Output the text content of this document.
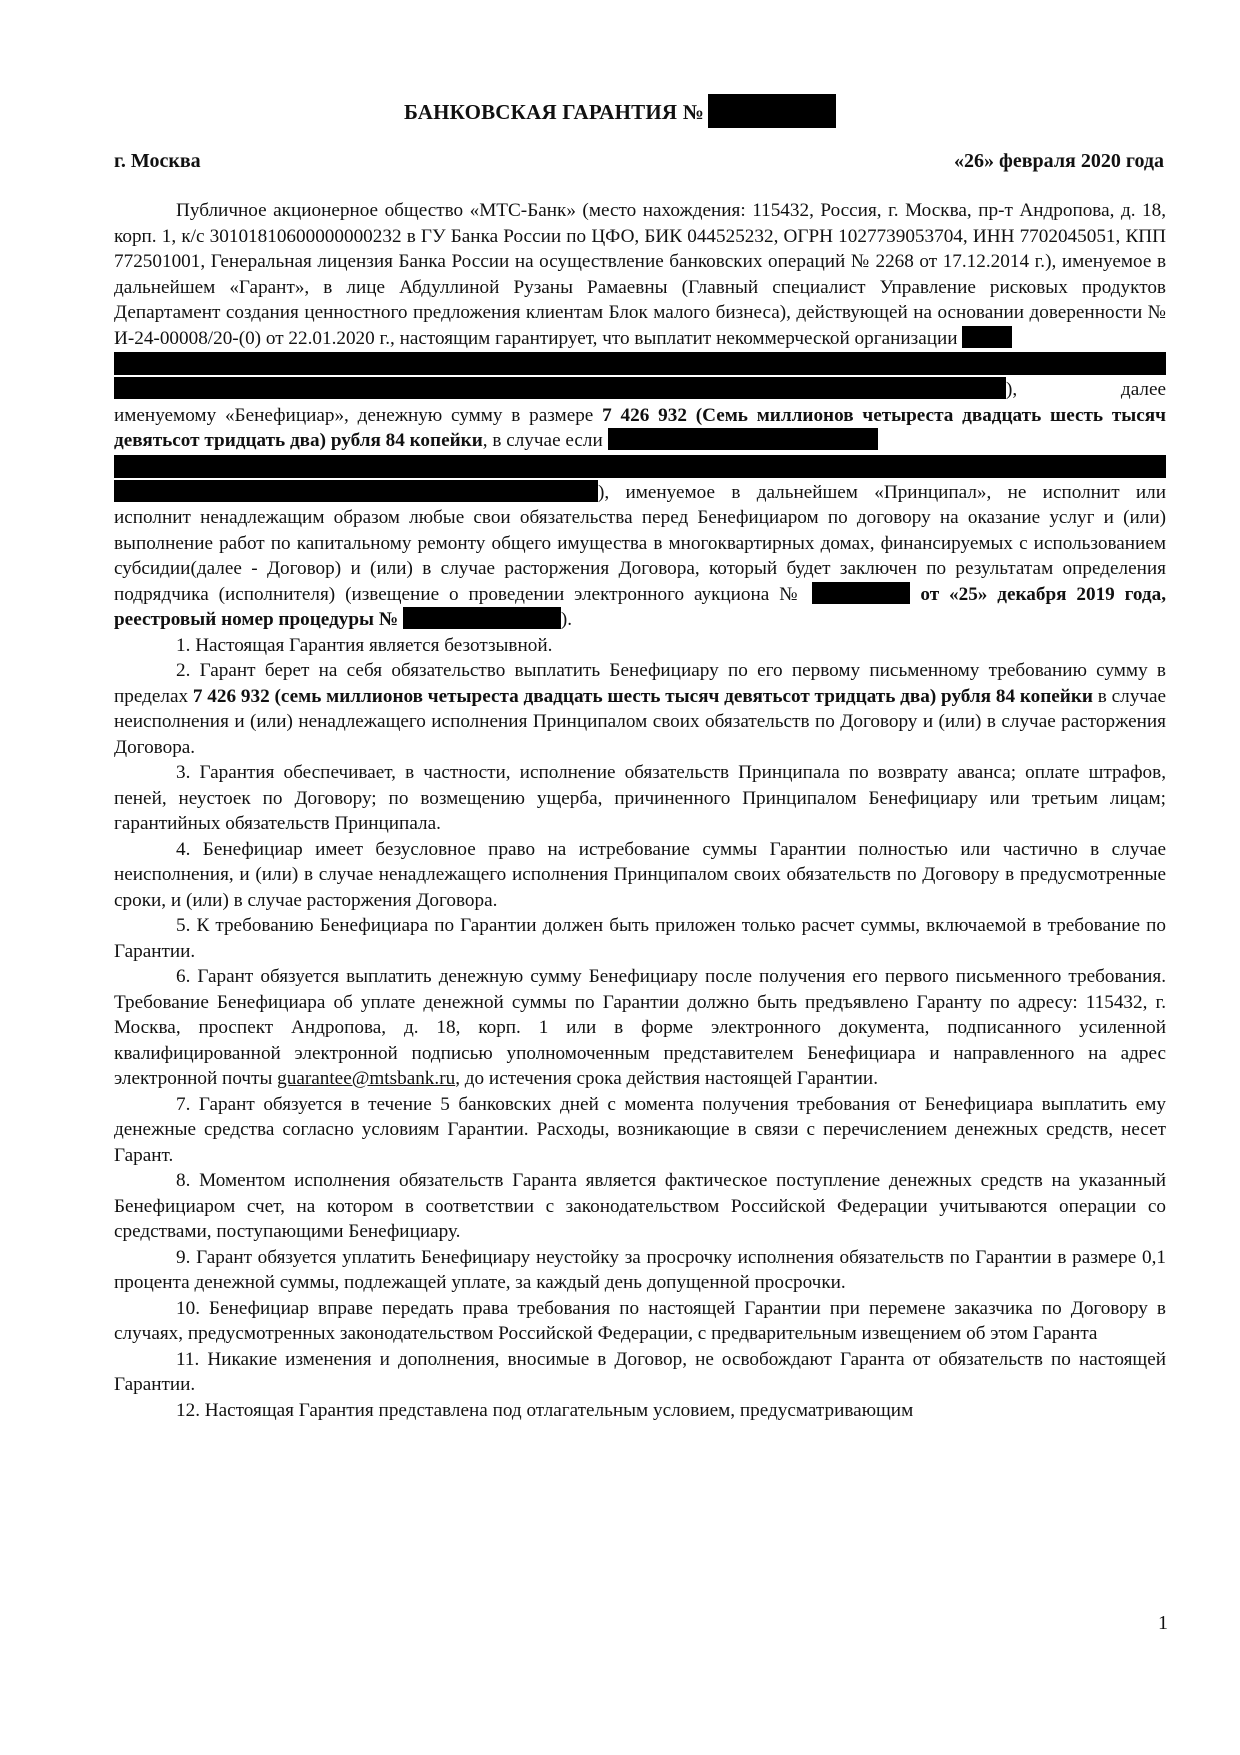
БАНКОВСКАЯ ГАРАНТИЯ №
г. Москва	«26» февраля 2020 года

Публичное акционерное общество «МТС-Банк» (место нахождения: 115432, Россия, г. Москва, пр-т Андропова, д. 18, корп. 1, к/с 30101810600000000232 в ГУ Банка России по ЦФО, БИК 044525232, ОГРН 1027739053704, ИНН 7702045051, КПП 772501001, Генеральная лицензия Банка России на осуществление банковских операций № 2268 от 17.12.2014 г.), именуемое в дальнейшем «Гарант», в лице Абдуллиной Рузаны Рамаевны (Главный специалист Управление рисковых продуктов Департамент создания ценностного предложения клиентам Блок малого бизнеса), действующей на основании доверенности № И-24-00008/20-(0) от 22.01.2020 г., настоящим гарантирует, что выплатит некоммерческой организации
), далее именуемому «Бенефициар», денежную сумму в размере 7 426 932 (Семь миллионов четыреста двадцать шесть тысяч девятьсот тридцать два) рубля 84 копейки, в случае если
), именуемое в дальнейшем «Принципал», не исполнит или исполнит ненадлежащим образом любые свои обязательства перед Бенефициаром по договору на оказание услуг и (или) выполнение работ по капитальному ремонту общего имущества в многоквартирных домах, финансируемых с использованием субсидии(далее - Договор) и (или) в случае расторжения Договора, который будет заключен по результатам определения подрядчика (исполнителя) (извещение о проведении электронного аукциона №	от «25» декабря 2019 года, реестровый номер процедуры №	).

1. Настоящая Гарантия является безотзывной.

2. Гарант берет на себя обязательство выплатить Бенефициару по его первому письменному требованию сумму в пределах 7 426 932 (семь миллионов четыреста двадцать шесть тысяч девятьсот тридцать два) рубля 84 копейки в случае неисполнения и (или) ненадлежащего исполнения Принципалом своих обязательств по Договору и (или) в случае расторжения Договора.

3. Гарантия обеспечивает, в частности, исполнение обязательств Принципала по возврату аванса; оплате штрафов, пеней, неустоек по Договору; по возмещению ущерба, причиненного Принципалом Бенефициару или третьим лицам; гарантийных обязательств Принципала.

4. Бенефициар имеет безусловное право на истребование суммы Гарантии полностью или частично в случае неисполнения, и (или) в случае ненадлежащего исполнения Принципалом своих обязательств по Договору в предусмотренные сроки, и (или) в случае расторжения Договора.

5. К требованию Бенефициара по Гарантии должен быть приложен только расчет суммы, включаемой в требование по Гарантии.

6. Гарант обязуется выплатить денежную сумму Бенефициару после получения его первого письменного требования. Требование Бенефициара об уплате денежной суммы по Гарантии должно быть предъявлено Гаранту по адресу: 115432, г. Москва, проспект Андропова, д. 18, корп. 1 или в форме электронного документа, подписанного усиленной квалифицированной электронной подписью уполномоченным представителем Бенефициара и направленного на адрес электронной почты guarantee@mtsbank.ru, до истечения срока действия настоящей Гарантии.

7. Гарант обязуется в течение 5 банковских дней с момента получения требования от Бенефициара выплатить ему денежные средства согласно условиям Гарантии. Расходы, возникающие в связи с перечислением денежных средств, несет Гарант.

8. Моментом исполнения обязательств Гаранта является фактическое поступление денежных средств на указанный Бенефициаром счет, на котором в соответствии с законодательством Российской Федерации учитываются операции со средствами, поступающими Бенефициару.

9. Гарант обязуется уплатить Бенефициару неустойку за просрочку исполнения обязательств по Гарантии в размере 0,1 процента денежной суммы, подлежащей уплате, за каждый день допущенной просрочки.

10. Бенефициар вправе передать права требования по настоящей Гарантии при перемене заказчика по Договору в случаях, предусмотренных законодательством Российской Федерации, с предварительным извещением об этом Гаранта

11. Никакие изменения и дополнения, вносимые в Договор, не освобождают Гаранта от обязательств по настоящей Гарантии.

12. Настоящая Гарантия представлена под отлагательным условием, предусматривающим

1
